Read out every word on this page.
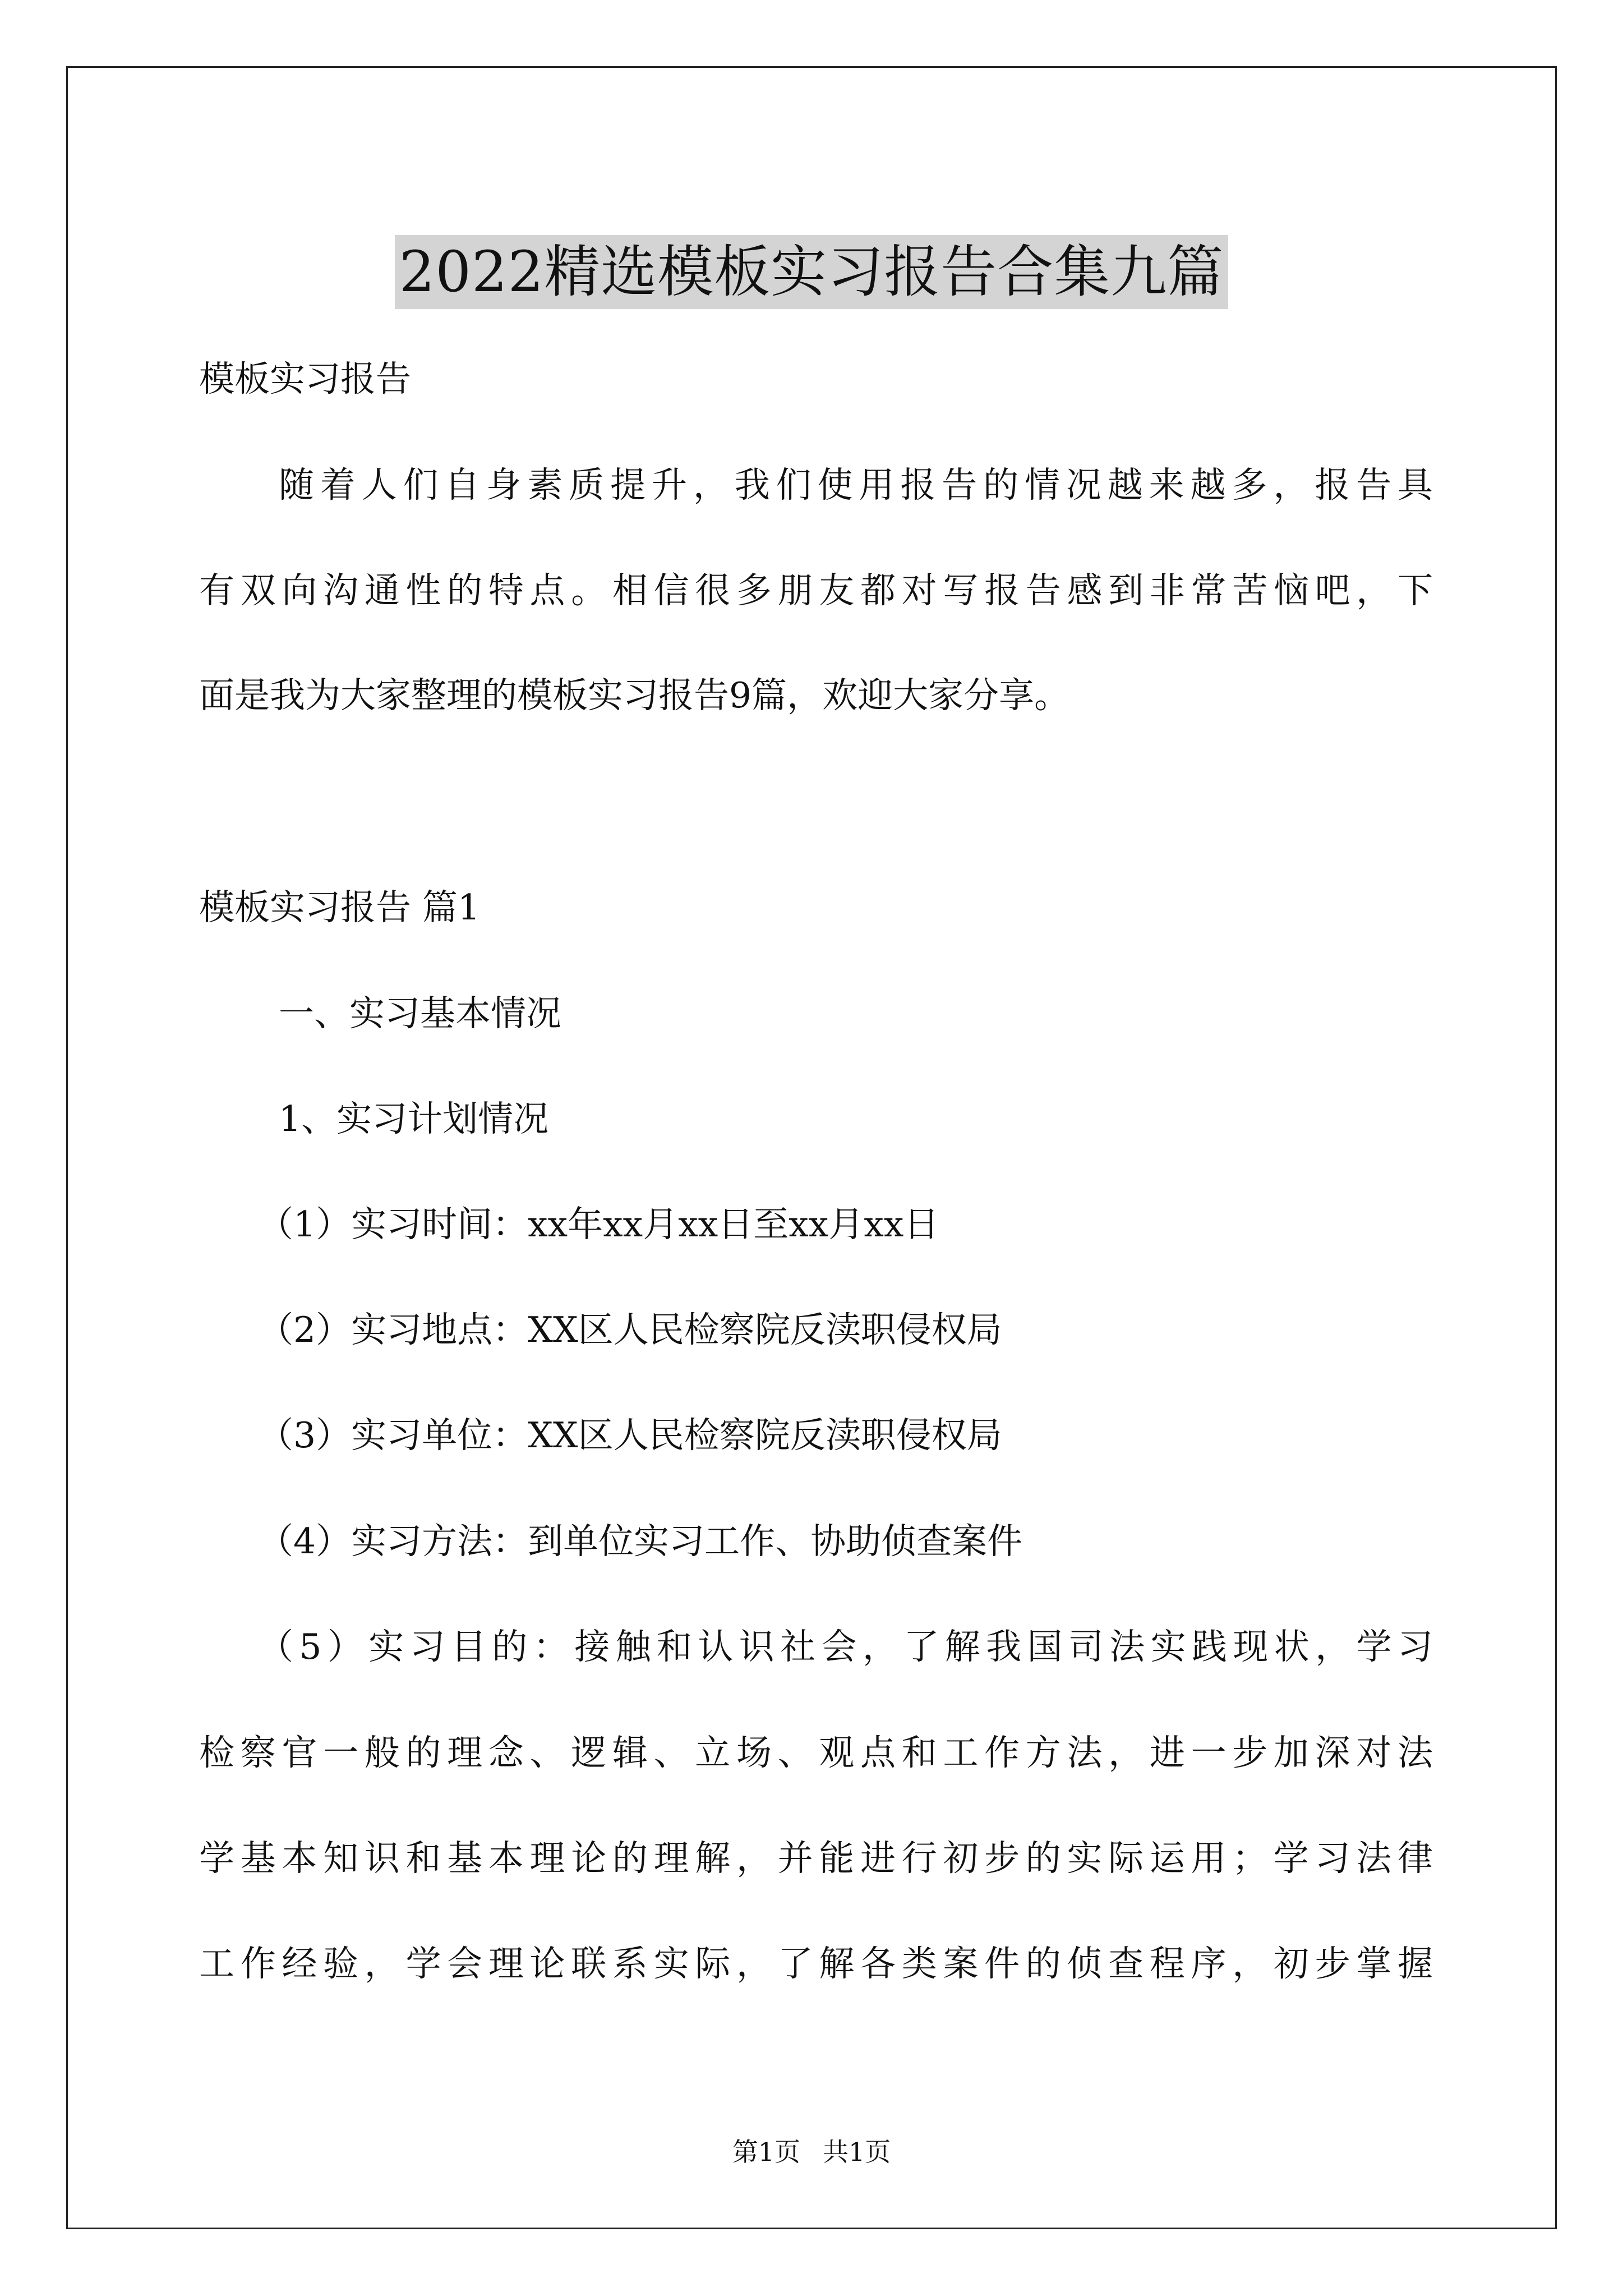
2022精选模板实习报告合集九篇
模板实习报告
随着人们自身素质提升，我们使用报告的情况越来越多，报告具
有双向沟通性的特点。相信很多朋友都对写报告感到非常苦恼吧，下
面是我为大家整理的模板实习报告9篇，欢迎大家分享。
模板实习报告 篇1
一、实习基本情况
1、实习计划情况
（1）实习时间：xx年xx月xx日至xx月xx日
（2）实习地点：XX区人民检察院反渎职侵权局
（3）实习单位：XX区人民检察院反渎职侵权局
（4）实习方法：到单位实习工作、协助侦查案件
（5）实习目的：接触和认识社会，了解我国司法实践现状，学习
检察官一般的理念、逻辑、立场、观点和工作方法，进一步加深对法
学基本知识和基本理论的理解，并能进行初步的实际运用；学习法律
工作经验，学会理论联系实际，了解各类案件的侦查程序，初步掌握
第1页 共1页
